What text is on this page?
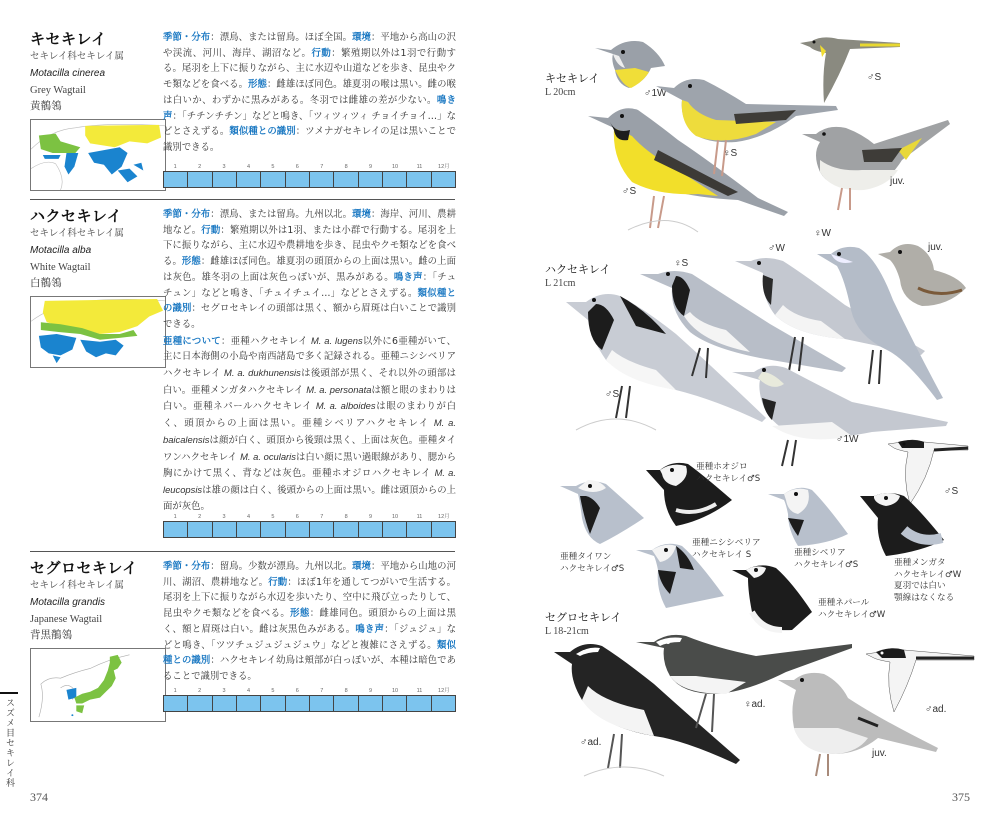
キセキレイ
セキレイ科セキレイ属
Motacilla cinerea
Grey Wagtail
黄鶺鴒
季節・分布：漂鳥、または留鳥。ほぼ全国。環境：平地から高山の沢や渓流、河川、海岸、湖沼など。行動：繁殖期以外は1羽で行動する。尾羽を上下に振りながら、主に水辺や山道などを歩き、昆虫やクモ類などを食べる。形態：雌雄ほぼ同色。雄夏羽の喉は黒い。雌の喉は白いか、わずかに黒みがある。冬羽では雌雄の差が少ない。鳴き声：「チチンチチン」などと鳴き、「ツィツィツィ チョイチョイ…」などとさえずる。類似種との識別：ツメナガセキレイの足は黒いことで識別できる。
1	2	3	4	5	6	7	8	9	10	11	12月
ハクセキレイ
セキレイ科セキレイ属
Motacilla alba
White Wagtail
白鶺鴒
季節・分布：漂鳥、または留鳥。九州以北。環境：海岸、河川、農耕地など。行動：繁殖期以外は1羽、または小群で行動する。尾羽を上下に振りながら、主に水辺や農耕地を歩き、昆虫やクモ類などを食べる。形態：雌雄ほぼ同色。雄夏羽の頭頂からの上面は黒い。雌の上面は灰色。雄冬羽の上面は灰色っぽいが、黒みがある。鳴き声：「チュチュン」などと鳴き、「チュイチュイ…」などとさえずる。類似種との識別：セグロセキレイの頭部は黒く、額から眉斑は白いことで識別できる。
亜種について：亜種ハクセキレイ M. a. lugens以外に6亜種がいて、主に日本海側の小島や南西諸島で多く記録される。亜種ニシシベリアハクセキレイ M. a. dukhunensisは後頭部が黒く、それ以外の頭部は白い。亜種メンガタハクセキレイ M. a. personataは額と眼のまわりは白い。亜種ネパールハクセキレイ M. a. alboidesは眼のまわりが白く、頭頂からの上面は黒い。亜種シベリアハクセキレイ M. a. baicalensisは顔が白く、頭頂から後頸は黒く、上面は灰色。亜種タイワンハクセキレイ M. a. ocularisは白い顔に黒い過眼線があり、腮から胸にかけて黒く、背などは灰色。亜種ホオジロハクセキレイ M. a. leucopsisは雄の顔は白く、後頭からの上面は黒い。雌は頭頂からの上面が灰色。
1	2	3	4	5	6	7	8	9	10	11	12月
セグロセキレイ
セキレイ科セキレイ属
Motacilla grandis
Japanese Wagtail
背黒鶺鴒
季節・分布：留鳥。少数が漂鳥。九州以北。環境：平地から山地の河川、湖沼、農耕地など。行動：ほぼ1年を通してつがいで生活する。尾羽を上下に振りながら水辺を歩いたり、空中に飛び立ったりして、昆虫やクモ類などを食べる。形態：雌雄同色。頭頂からの上面は黒く、額と眉斑は白い。雌は灰黒色みがある。鳴き声：「ジュジュ」などと鳴き、「ツツチュジュジュジュウ」などと複雑にさえずる。類似種との識別：ハクセキレイ幼鳥は頬部が白っぽいが、本種は暗色であることで識別できる。
1	2	3	4	5	6	7	8	9	10	11	12月
スズメ目セキレイ科
374
キセキレイ
L 20cm	♂1W
♂S
♀S
♂S
juv.
ハクセキレイ
L 21cm
♂S
♀S
♂W
♀W
juv.
♂1W
♂S
亜種タイワン
ハクセキレイ♂S
亜種ホオジロ
ハクセキレイ♂S
亜種ニシシベリア
ハクセキレイ S	亜種シベリア
ハクセキレイ♂S	亜種メンガタ
ハクセキレイ♂W
夏羽では白い
顎線はなくなる
亜種ネパール
ハクセキレイ♂W
セグロセキレイ
L 18-21cm
♂ad.
♀ad.
juv.
♂ad.
375
